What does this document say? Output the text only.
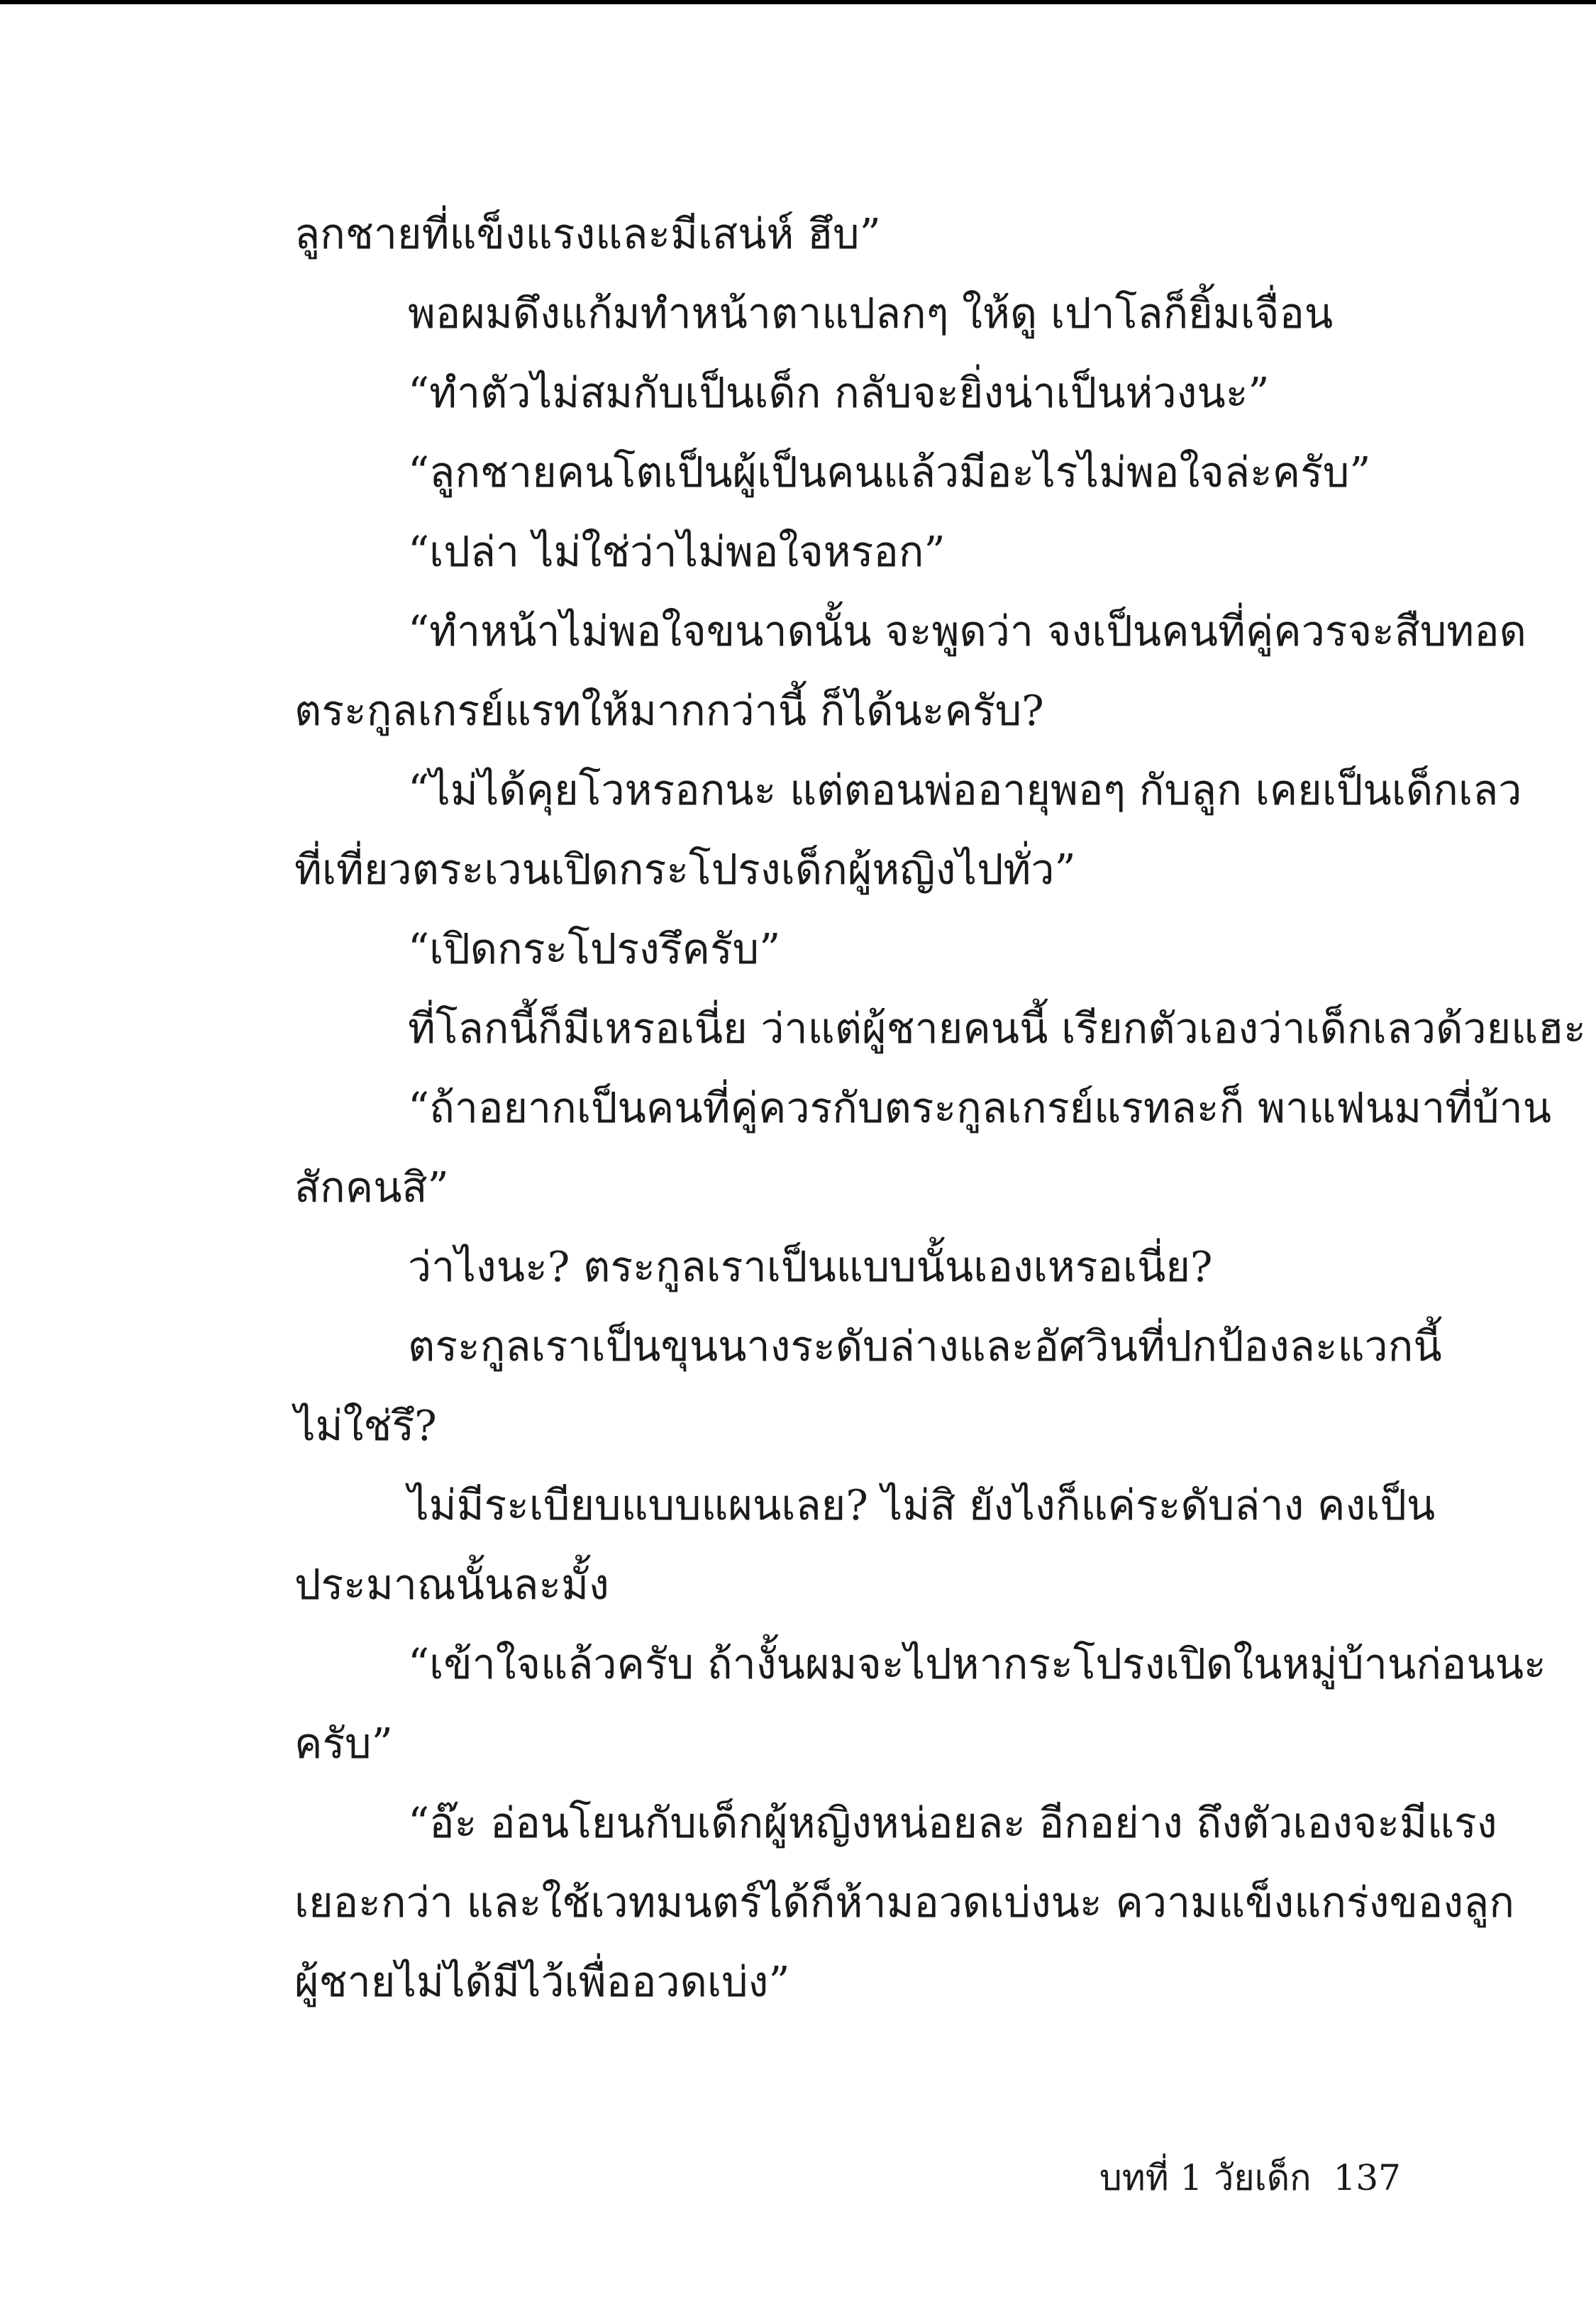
ลูกชายที่แข็งแรงและมีเสน่ห์ ฮึบ”
พอผมดึงแก้มทำหน้าตาแปลกๆ ให้ดู เปาโลก็ยิ้มเจื่อน
“ทำตัวไม่สมกับเป็นเด็ก กลับจะยิ่งน่าเป็นห่วงนะ”
“ลูกชายคนโตเป็นผู้เป็นคนแล้วมีอะไรไม่พอใจล่ะครับ”
“เปล่า ไม่ใช่ว่าไม่พอใจหรอก”
“ทำหน้าไม่พอใจขนาดนั้น จะพูดว่า จงเป็นคนที่คู่ควรจะสืบทอด
ตระกูลเกรย์แรทให้มากกว่านี้ ก็ได้นะครับ?
“ไม่ได้คุยโวหรอกนะ แต่ตอนพ่ออายุพอๆ กับลูก เคยเป็นเด็กเลว
ที่เที่ยวตระเวนเปิดกระโปรงเด็กผู้หญิงไปทั่ว”
“เปิดกระโปรงรึครับ”
ที่โลกนี้ก็มีเหรอเนี่ย ว่าแต่ผู้ชายคนนี้ เรียกตัวเองว่าเด็กเลวด้วยแฮะ
“ถ้าอยากเป็นคนที่คู่ควรกับตระกูลเกรย์แรทละก็ พาแฟนมาที่บ้าน
สักคนสิ”
ว่าไงนะ? ตระกูลเราเป็นแบบนั้นเองเหรอเนี่ย?
ตระกูลเราเป็นขุนนางระดับล่างและอัศวินที่ปกป้องละแวกนี้
ไม่ใช่รึ?
ไม่มีระเบียบแบบแผนเลย? ไม่สิ ยังไงก็แค่ระดับล่าง คงเป็น
ประมาณนั้นละมั้ง
“เข้าใจแล้วครับ ถ้างั้นผมจะไปหากระโปรงเปิดในหมู่บ้านก่อนนะ
ครับ”
“อ๊ะ อ่อนโยนกับเด็กผู้หญิงหน่อยละ อีกอย่าง ถึงตัวเองจะมีแรง
เยอะกว่า และใช้เวทมนตร์ได้ก็ห้ามอวดเบ่งนะ ความแข็งแกร่งของลูก
ผู้ชายไม่ได้มีไว้เพื่ออวดเบ่ง”
บทที่ 1 วัยเด็ก 137
